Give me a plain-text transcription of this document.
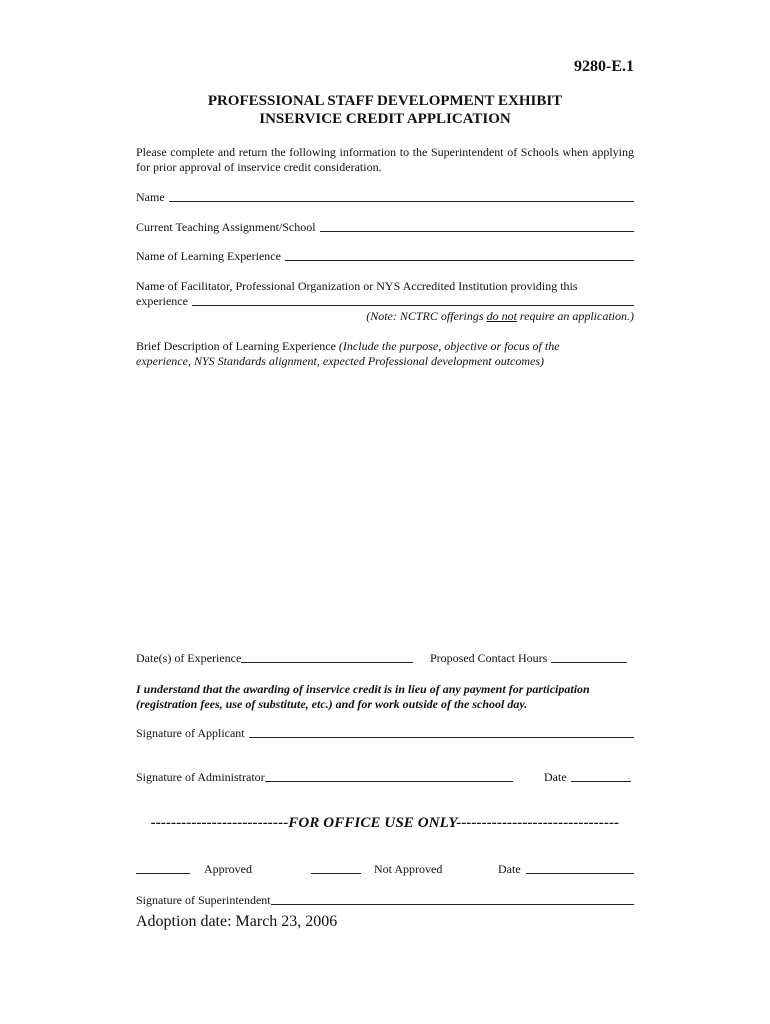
9280-E.1
PROFESSIONAL STAFF DEVELOPMENT EXHIBIT
INSERVICE CREDIT APPLICATION
Please complete and return the following information to the Superintendent of Schools when applying for prior approval of inservice credit consideration.
Name
Current Teaching Assignment/School
Name of Learning Experience
Name of Facilitator, Professional Organization or NYS Accredited Institution providing this
experience
(Note: NCTRC offerings do not require an application.)
Brief Description of Learning Experience (Include the purpose, objective or focus of the
experience, NYS Standards alignment, expected Professional development outcomes)
Date(s) of Experience	Proposed Contact Hours
I understand that the awarding of inservice credit is in lieu of any payment for participation
(registration fees, use of substitute, etc.) and for work outside of the school day.
Signature of Applicant
Signature of Administrator	Date
---------------------------FOR OFFICE USE ONLY--------------------------------
Approved	Not Approved	Date
Signature of Superintendent
Adoption date: March 23, 2006
